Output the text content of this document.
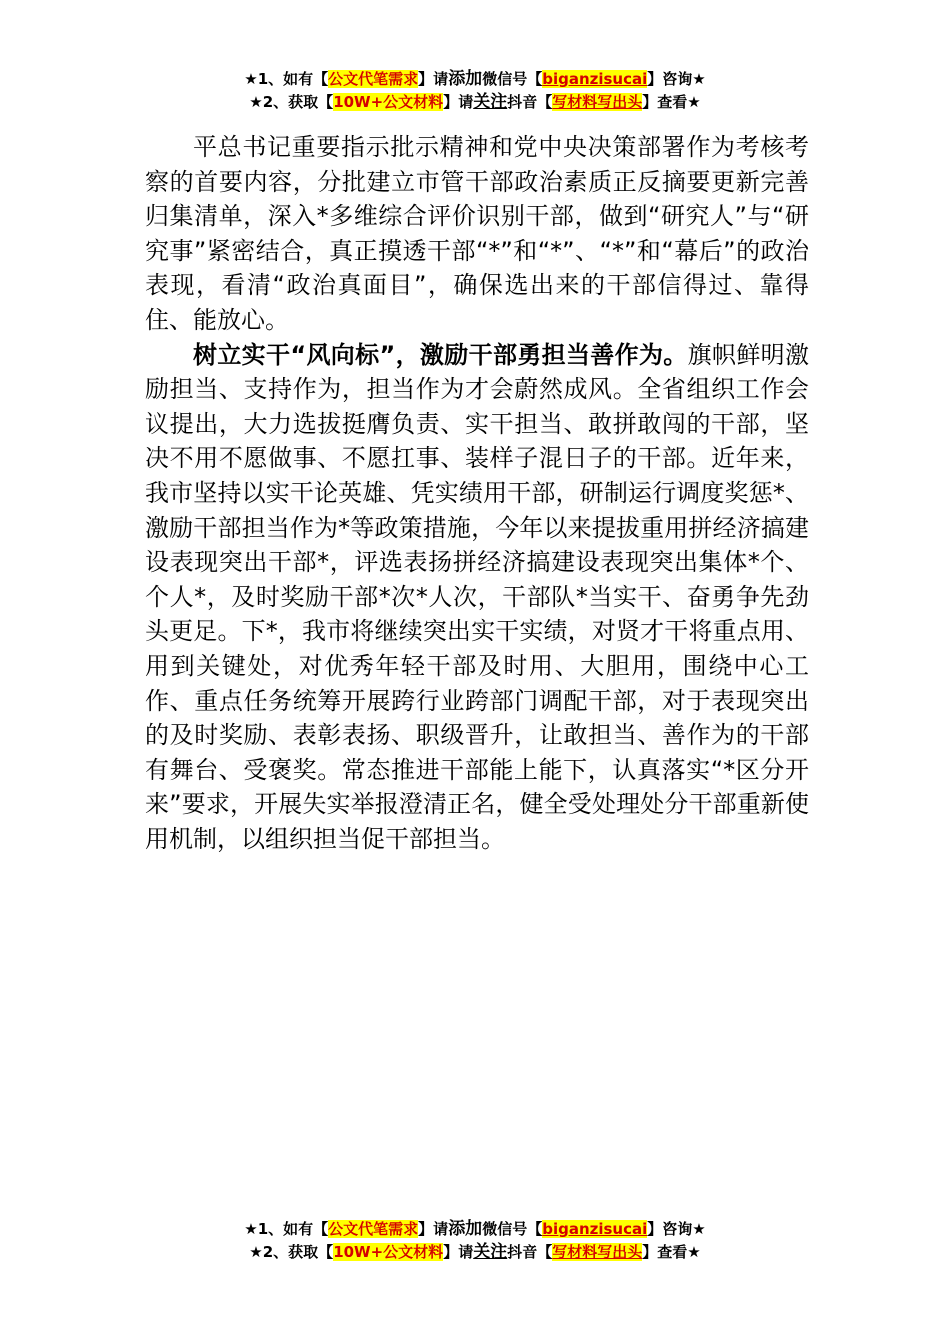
★1、如有【公文代笔需求】请添加微信号【biganzisucai】咨询★
★2、获取【10W+公文材料】请关注抖音【写材料写出头】查看★

平总书记重要指示批示精神和党中央决策部署作为考核考察的首要内容，分批建立市管干部政治素质正反摘要更新完善归集清单，深入*多维综合评价识别干部，做到“研究人”与“研究事”紧密结合，真正摸透干部“*”和“*”、“*”和“幕后”的政治表现，看清“政治真面目”，确保选出来的干部信得过、靠得住、能放心。

树立实干“风向标”，激励干部勇担当善作为。旗帜鲜明激励担当、支持作为，担当作为才会蔚然成风。全省组织工作会议提出，大力选拔挺膺负责、实干担当、敢拼敢闯的干部，坚决不用不愿做事、不愿扛事、装样子混日子的干部。近年来，我市坚持以实干论英雄、凭实绩用干部，研制运行调度奖惩*、激励干部担当作为*等政策措施，今年以来提拔重用拼经济搞建设表现突出干部*，评选表扬拼经济搞建设表现突出集体*个、个人*，及时奖励干部*次*人次，干部队*当实干、奋勇争先劲头更足。下*，我市将继续突出实干实绩，对贤才干将重点用、用到关键处，对优秀年轻干部及时用、大胆用，围绕中心工作、重点任务统筹开展跨行业跨部门调配干部，对于表现突出的及时奖励、表彰表扬、职级晋升，让敢担当、善作为的干部有舞台、受褒奖。常态推进干部能上能下，认真落实“*区分开来”要求，开展失实举报澄清正名，健全受处理处分干部重新使用机制，以组织担当促干部担当。

★1、如有【公文代笔需求】请添加微信号【biganzisucai】咨询★
★2、获取【10W+公文材料】请关注抖音【写材料写出头】查看★
